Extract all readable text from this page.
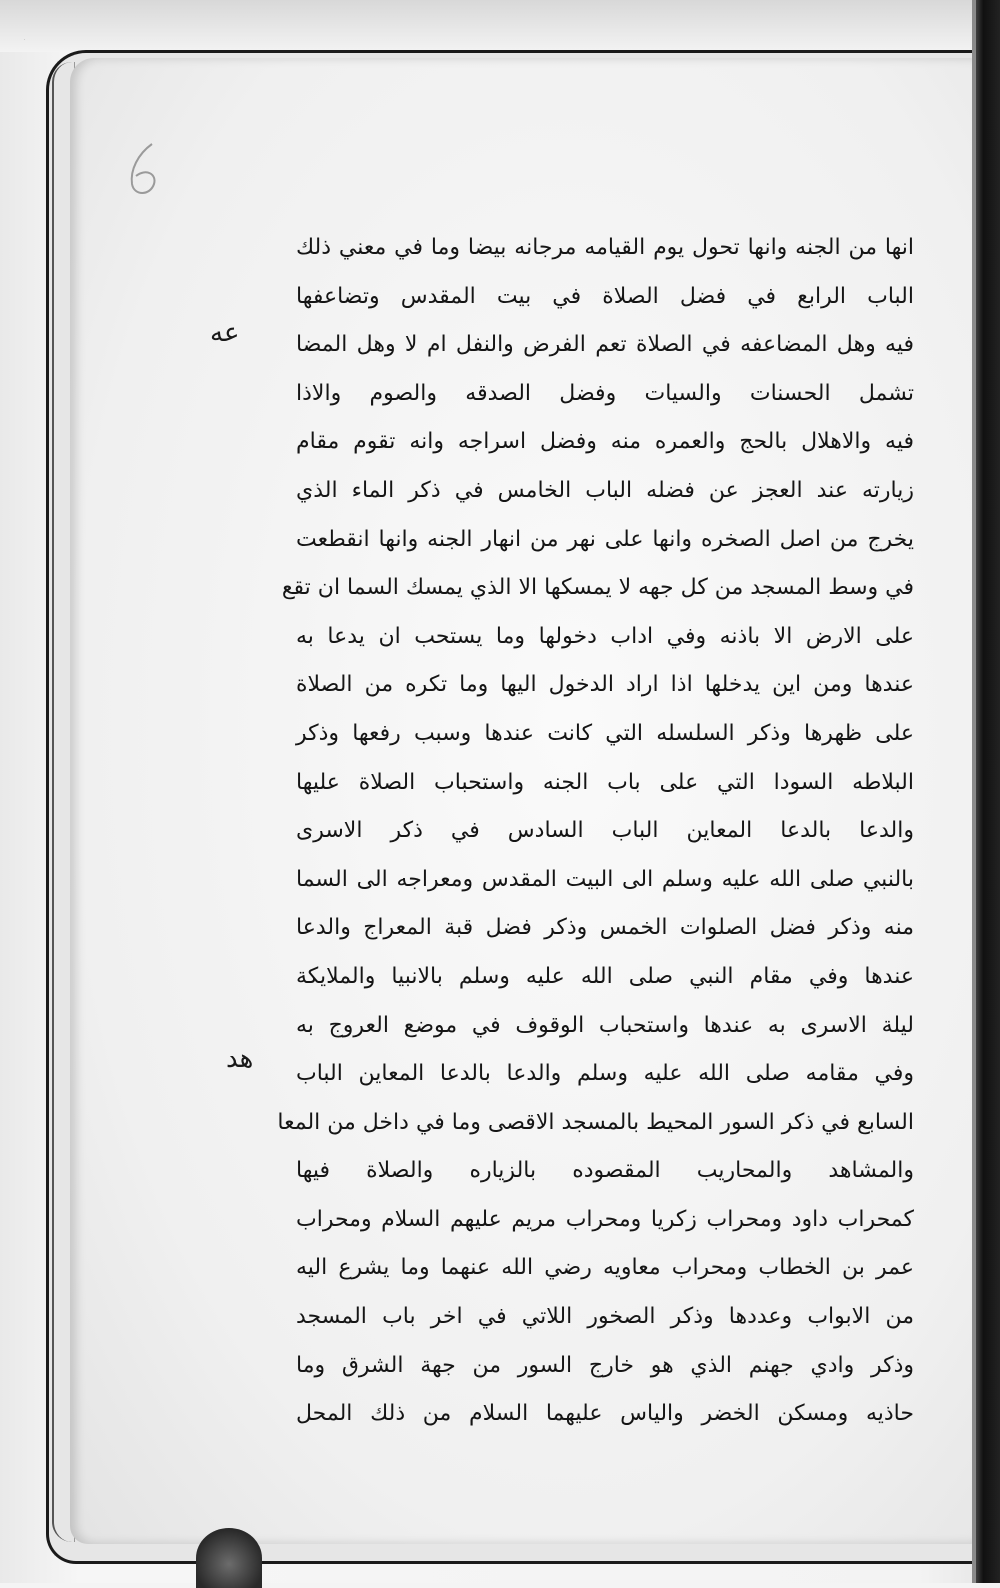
6
عه
هد
انها من الجنه وانها تحول يوم القيامه مرجانه بيضا وما في معني ذلك
الباب الرابع في فضل الصلاة في بيت المقدس وتضاعفها
فيه وهل المضاعفه في الصلاة تعم الفرض والنفل ام لا وهل المضا
تشمل الحسنات والسيات وفضل الصدقه والصوم والاذا
فيه والاهلال بالحج والعمره منه وفضل اسراجه وانه تقوم مقام
زيارته عند العجز عن فضله الباب الخامس في ذكر الماء الذي
يخرج من اصل الصخره وانها على نهر من انهار الجنه وانها انقطعت
في وسط المسجد من كل جهه لا يمسكها الا الذي يمسك السما ان تقع
على الارض الا باذنه وفي اداب دخولها وما يستحب ان يدعا به
عندها ومن اين يدخلها اذا اراد الدخول اليها وما تكره من الصلاة
على ظهرها وذكر السلسله التي كانت عندها وسبب رفعها وذكر
البلاطه السودا التي على باب الجنه واستحباب الصلاة عليها
والدعا بالدعا المعاين الباب السادس في ذكر الاسرى
بالنبي صلى الله عليه وسلم الى البيت المقدس ومعراجه الى السما
منه وذكر فضل الصلوات الخمس وذكر فضل قبة المعراج والدعا
عندها وفي مقام النبي صلى الله عليه وسلم بالانبيا والملايكة
ليلة الاسرى به عندها واستحباب الوقوف في موضع العروج به
وفي مقامه صلى الله عليه وسلم والدعا بالدعا المعاين الباب
السابع في ذكر السور المحيط بالمسجد الاقصى وما في داخل من المعا
والمشاهد والمحاريب المقصوده بالزياره والصلاة فيها
كمحراب داود ومحراب زكريا ومحراب مريم عليهم السلام ومحراب
عمر بن الخطاب ومحراب معاويه رضي الله عنهما وما يشرع اليه
من الابواب وعددها وذكر الصخور اللاتي في اخر باب المسجد
وذكر وادي جهنم الذي هو خارج السور من جهة الشرق وما
حاذيه ومسكن الخضر والياس عليهما السلام من ذلك المحل
